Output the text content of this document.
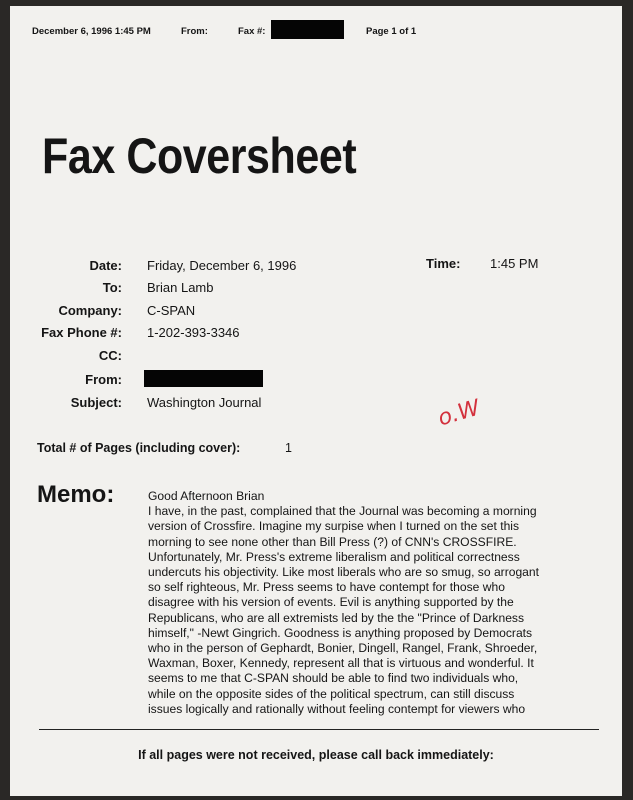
December 6, 1996 1:45 PM	From:	Fax #:	Page 1 of 1
Fax Coversheet
Date: Friday, December 6, 1996	Time: 1:45 PM
To: Brian Lamb
Company: C-SPAN
Fax Phone #: 1-202-393-3346
CC:
From:
Subject: Washington Journal	o.W
Total # of Pages (including cover):	1
Memo:	Good Afternoon Brian
I have, in the past, complained that the Journal was becoming a morning
version of Crossfire. Imagine my surpise when I turned on the set this
morning to see none other than Bill Press (?) of CNN's CROSSFIRE.
Unfortunately, Mr. Press's extreme liberalism and political correctness
undercuts his objectivity. Like most liberals who are so smug, so arrogant
so self righteous, Mr. Press seems to have contempt for those who
disagree with his version of events. Evil is anything supported by the
Republicans, who are all extremists led by the the "Prince of Darkness
himself," -Newt Gingrich. Goodness is anything proposed by Democrats
who in the person of Gephardt, Bonier, Dingell, Rangel, Frank, Shroeder,
Waxman, Boxer, Kennedy, represent all that is virtuous and wonderful. It
seems to me that C-SPAN should be able to find two individuals who,
while on the opposite sides of the political spectrum, can still discuss
issues logically and rationally without feeling contempt for viewers who
If all pages were not received, please call back immediately:
